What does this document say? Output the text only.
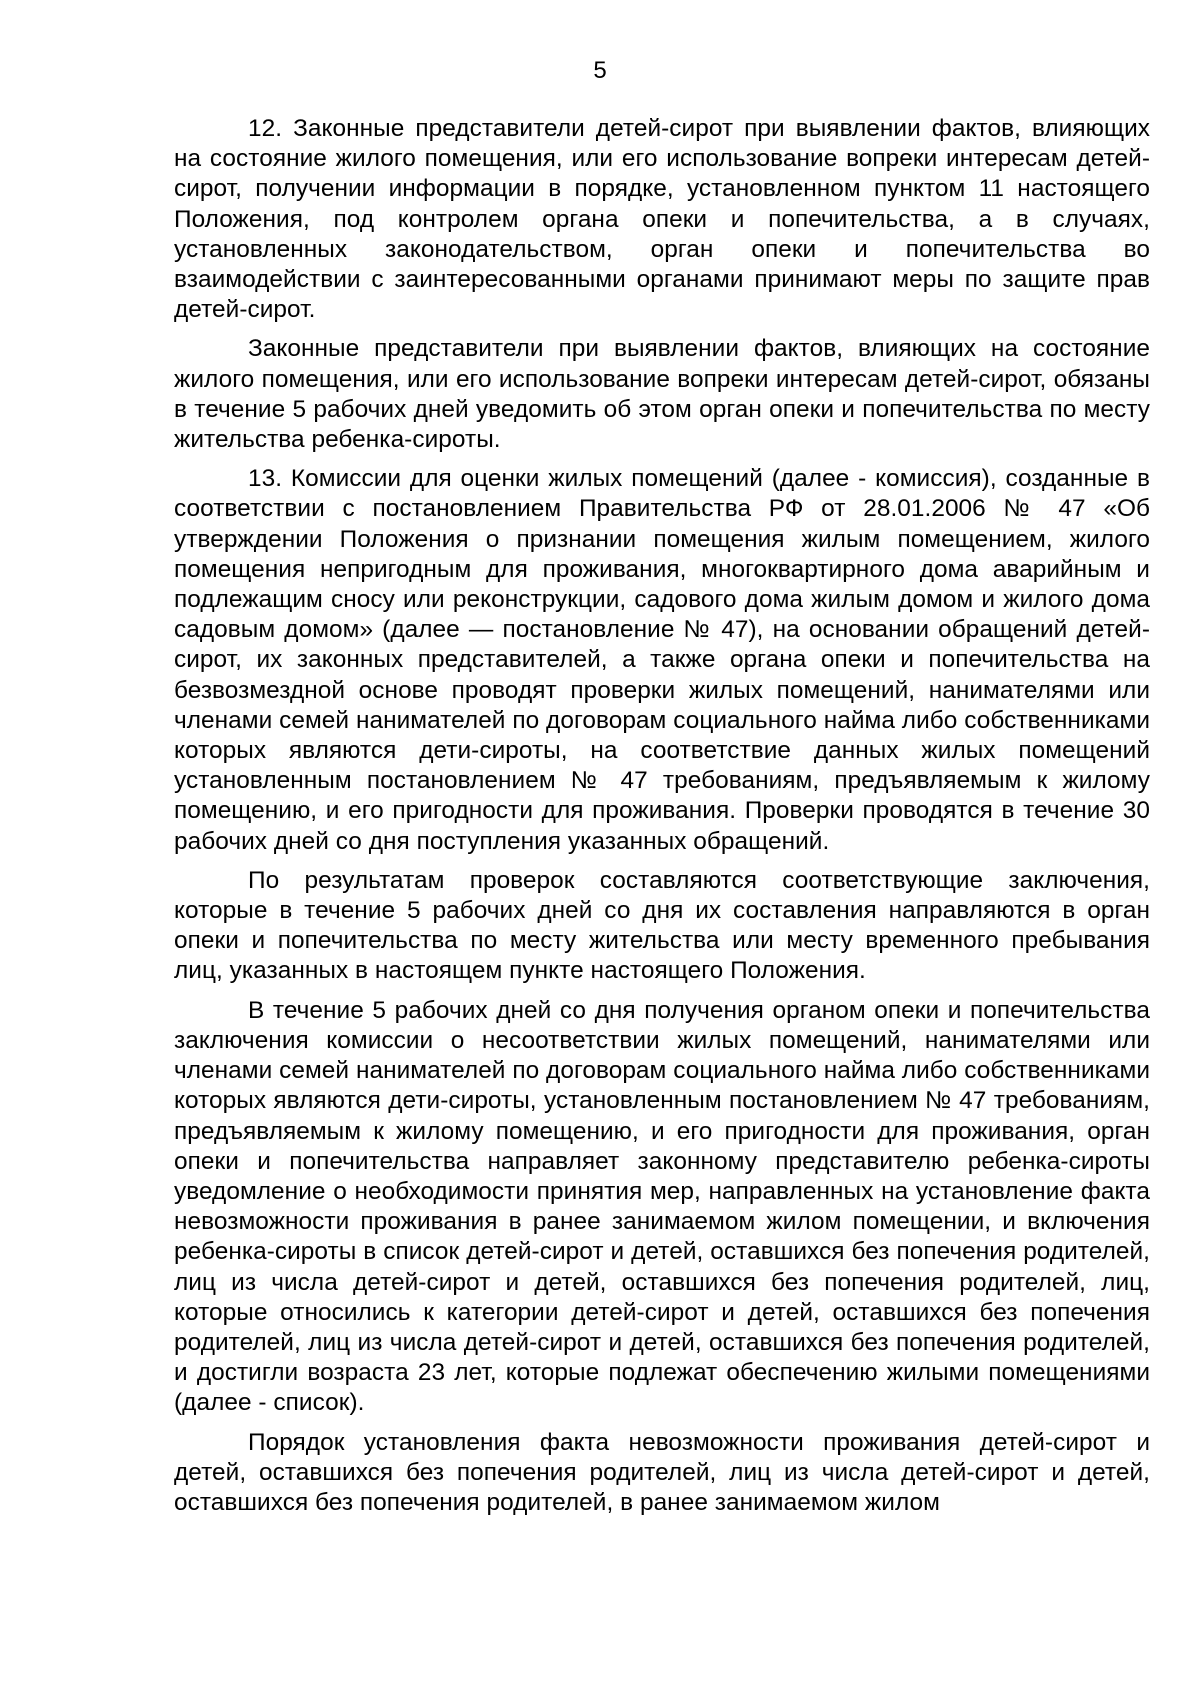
5

12. Законные представители детей-сирот при выявлении фактов, влияющих на состояние жилого помещения, или его использование вопреки интересам детей-сирот, получении информации в порядке, установленном пунктом 11 настоящего Положения, под контролем органа опеки и попечительства, а в случаях, установленных законодательством, орган опеки и попечительства во взаимодействии с заинтересованными органами принимают меры по защите прав детей-сирот.

Законные представители при выявлении фактов, влияющих на состояние жилого помещения, или его использование вопреки интересам детей-сирот, обязаны в течение 5 рабочих дней уведомить об этом орган опеки и попечительства по месту жительства ребенка-сироты.

13. Комиссии для оценки жилых помещений (далее - комиссия), созданные в соответствии с постановлением Правительства РФ от 28.01.2006 № 47 «Об утверждении Положения о признании помещения жилым помещением, жилого помещения непригодным для проживания, многоквартирного дома аварийным и подлежащим сносу или реконструкции, садового дома жилым домом и жилого дома садовым домом» (далее — постановление № 47), на основании обращений детей-сирот, их законных представителей, а также органа опеки и попечительства на безвозмездной основе проводят проверки жилых помещений, нанимателями или членами семей нанимателей по договорам социального найма либо собственниками которых являются дети-сироты, на соответствие данных жилых помещений установленным постановлением № 47 требованиям, предъявляемым к жилому помещению, и его пригодности для проживания. Проверки проводятся в течение 30 рабочих дней со дня поступления указанных обращений.

По результатам проверок составляются соответствующие заключения, которые в течение 5 рабочих дней со дня их составления направляются в орган опеки и попечительства по месту жительства или месту временного пребывания лиц, указанных в настоящем пункте настоящего Положения.

В течение 5 рабочих дней со дня получения органом опеки и попечительства заключения комиссии о несоответствии жилых помещений, нанимателями или членами семей нанимателей по договорам социального найма либо собственниками которых являются дети-сироты, установленным постановлением № 47 требованиям, предъявляемым к жилому помещению, и его пригодности для проживания, орган опеки и попечительства направляет законному представителю ребенка-сироты уведомление о необходимости принятия мер, направленных на установление факта невозможности проживания в ранее занимаемом жилом помещении, и включения ребенка-сироты в список детей-сирот и детей, оставшихся без попечения родителей, лиц из числа детей-сирот и детей, оставшихся без попечения родителей, лиц, которые относились к категории детей-сирот и детей, оставшихся без попечения родителей, лиц из числа детей-сирот и детей, оставшихся без попечения родителей, и достигли возраста 23 лет, которые подлежат обеспечению жилыми помещениями (далее - список).

Порядок установления факта невозможности проживания детей-сирот и детей, оставшихся без попечения родителей, лиц из числа детей-сирот и детей, оставшихся без попечения родителей, в ранее занимаемом жилом
